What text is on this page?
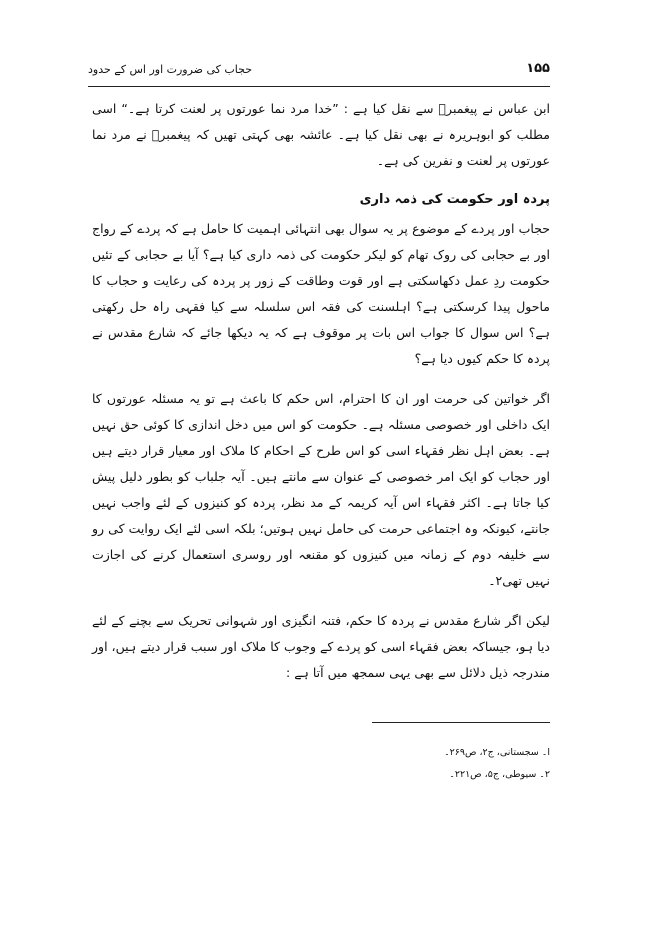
حجاب کی ضرورت اور اس کے حدود	۱۵۵

ابن عباس نے پیغمبرؐ سے نقل کیا ہے : ”خدا مرد نما عورتوں پر لعنت کرتا ہے۔“ اسی مطلب کو ابوہریرہ نے بھی نقل کیا ہے۔ عائشہ بھی کہتی تھیں کہ پیغمبرؐ نے مرد نما عورتوں پر لعنت و نفرین کی ہے۔

پردہ اور حکومت کی ذمہ داری

حجاب اور پردے کے موضوع پر یہ سوال بھی انتہائی اہمیت کا حامل ہے کہ پردے کے رواج اور بے حجابی کی روک تھام کو لیکر حکومت کی ذمہ داری کیا ہے؟ آیا بے حجابی کے تئیں حکومت ردِ عمل دکھاسکتی ہے اور قوت وطاقت کے زور پر پردہ کی رعایت و حجاب کا ماحول پیدا کرسکتی ہے؟ اہلسنت کی فقہ اس سلسلہ سے کیا فقہی راہ حل رکھتی ہے؟ اس سوال کا جواب اس بات پر موقوف ہے کہ یہ دیکھا جائے کہ شارع مقدس نے پردہ کا حکم کیوں دیا ہے؟

اگر خواتین کی حرمت اور ان کا احترام، اس حکم کا باعث ہے تو یہ مسئلہ عورتوں کا ایک داخلی اور خصوصی مسئلہ ہے۔ حکومت کو اس میں دخل اندازی کا کوئی حق نہیں ہے۔ بعض اہل نظر فقہاء اسی کو اس طرح کے احکام کا ملاک اور معیار قرار دیتے ہیں اور حجاب کو ایک امر خصوصی کے عنوان سے مانتے ہیں۔ آیہ جلباب کو بطور دلیل پیش کیا جاتا ہے۔ اکثر فقہاء اس آیہ کریمہ کے مد نظر، پردہ کو کنیزوں کے لئے واجب نہیں جانتے، کیونکہ وہ اجتماعی حرمت کی حامل نہیں ہوتیں؛ بلکہ اسی لئے ایک روایت کی رو سے خلیفہ دوم کے زمانہ میں کنیزوں کو مقنعہ اور روسری استعمال کرنے کی اجازت نہیں تھی۲۔

لیکن اگر شارع مقدس نے پردہ کا حکم، فتنہ انگیزی اور شہوانی تحریک سے بچنے کے لئے دیا ہو، جیساکہ بعض فقہاء اسی کو پردے کے وجوب کا ملاک اور سبب قرار دیتے ہیں، اور مندرجہ ذیل دلائل سے بھی یہی سمجھ میں آتا ہے :

ا۔ سجستانی، ج۲، ص۲۶۹۔
۲۔ سیوطی، ج۵، ص۲۲۱۔
